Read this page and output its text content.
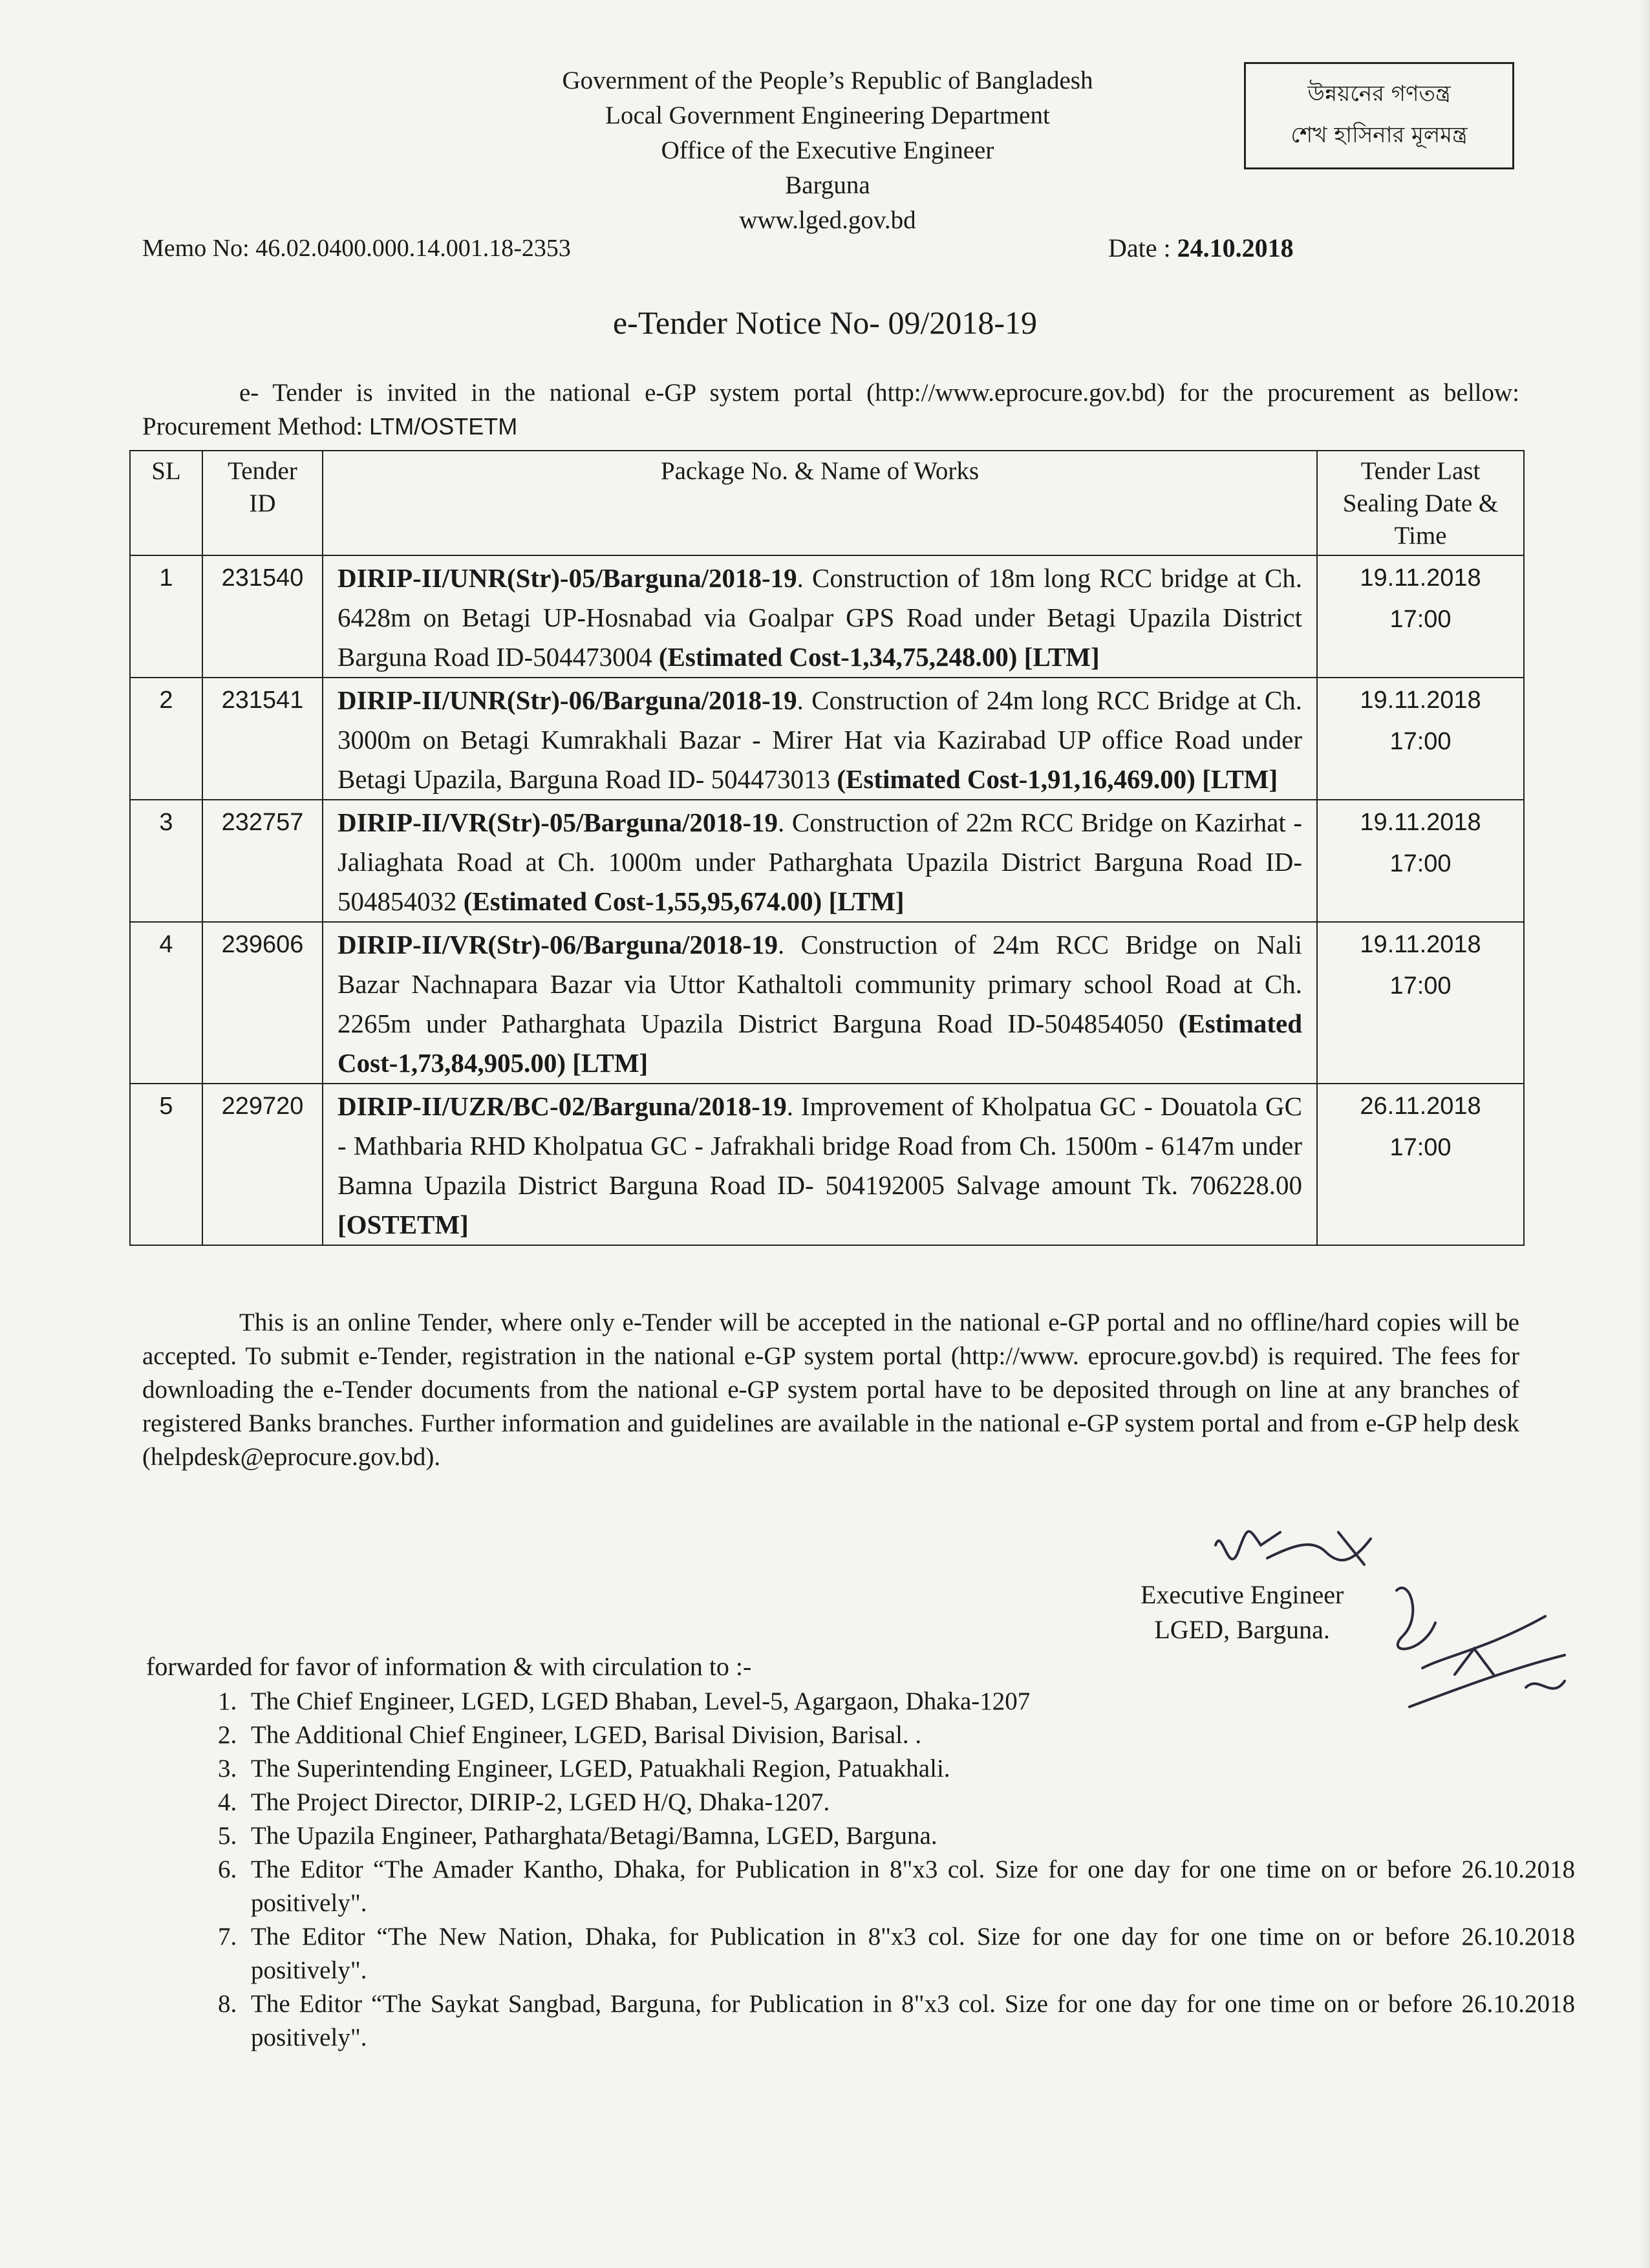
Government of the People’s Republic of Bangladesh
Local Government Engineering Department
Office of the Executive Engineer
Barguna
www.lged.gov.bd
উন্নয়নের গণতন্ত্র
শেখ হাসিনার মূলমন্ত্র
Memo No: 46.02.0400.000.14.001.18-2353	Date : 24.10.2018
e-Tender Notice No- 09/2018-19
e- Tender is invited in the national e-GP system portal (http://www.eprocure.gov.bd) for the procurement as bellow: Procurement Method: LTM/OSTETM
SL	Tender ID	Package No. & Name of Works	Tender Last Sealing Date & Time
1	231540	DIRIP-II/UNR(Str)-05/Barguna/2018-19. Construction of 18m long RCC bridge at Ch. 6428m on Betagi UP-Hosnabad via Goalpar GPS Road under Betagi Upazila District Barguna Road ID-504473004 (Estimated Cost-1,34,75,248.00) [LTM]	19.11.2018
17:00

2	231541	DIRIP-II/UNR(Str)-06/Barguna/2018-19. Construction of 24m long RCC Bridge at Ch. 3000m on Betagi Kumrakhali Bazar - Mirer Hat via Kazirabad UP office Road under Betagi Upazila, Barguna Road ID- 504473013 (Estimated Cost-1,91,16,469.00) [LTM]	19.11.2018
17:00

3	232757	DIRIP-II/VR(Str)-05/Barguna/2018-19. Construction of 22m RCC Bridge on Kazirhat - Jaliaghata Road at Ch. 1000m under Patharghata Upazila District Barguna Road ID- 504854032 (Estimated Cost-1,55,95,674.00) [LTM]	19.11.2018
17:00

4	239606	DIRIP-II/VR(Str)-06/Barguna/2018-19. Construction of 24m RCC Bridge on Nali Bazar Nachnapara Bazar via Uttor Kathaltoli community primary school Road at Ch. 2265m under Patharghata Upazila District Barguna Road ID-504854050 (Estimated Cost-1,73,84,905.00) [LTM]	19.11.2018
17:00

5	229720	DIRIP-II/UZR/BC-02/Barguna/2018-19. Improvement of Kholpatua GC - Douatola GC - Mathbaria RHD Kholpatua GC - Jafrakhali bridge Road from Ch. 1500m - 6147m under Bamna Upazila District Barguna Road ID- 504192005 Salvage amount Tk. 706228.00 [OSTETM]	26.11.2018
17:00
This is an online Tender, where only e-Tender will be accepted in the national e-GP portal and no offline/hard copies will be accepted. To submit e-Tender, registration in the national e-GP system portal (http://www. eprocure.gov.bd) is required. The fees for downloading the e-Tender documents from the national e-GP system portal have to be deposited through on line at any branches of registered Banks branches. Further information and guidelines are available in the national e-GP system portal and from e-GP help desk (helpdesk@eprocure.gov.bd).
Executive Engineer
LGED, Barguna.
forwarded for favor of information & with circulation to :-
1. The Chief Engineer, LGED, LGED Bhaban, Level-5, Agargaon, Dhaka-1207
2. The Additional Chief Engineer, LGED, Barisal Division, Barisal. .
3. The Superintending Engineer, LGED, Patuakhali Region, Patuakhali.
4. The Project Director, DIRIP-2, LGED H/Q, Dhaka-1207.
5. The Upazila Engineer, Patharghata/Betagi/Bamna, LGED, Barguna.
6. The Editor “The Amader Kantho, Dhaka, for Publication in 8"x3 col. Size for one day for one time on or before 26.10.2018 positively".
7. The Editor “The New Nation, Dhaka, for Publication in 8"x3 col. Size for one day for one time on or before 26.10.2018 positively".
8. The Editor “The Saykat Sangbad, Barguna, for Publication in 8"x3 col. Size for one day for one time on or before 26.10.2018 positively".
